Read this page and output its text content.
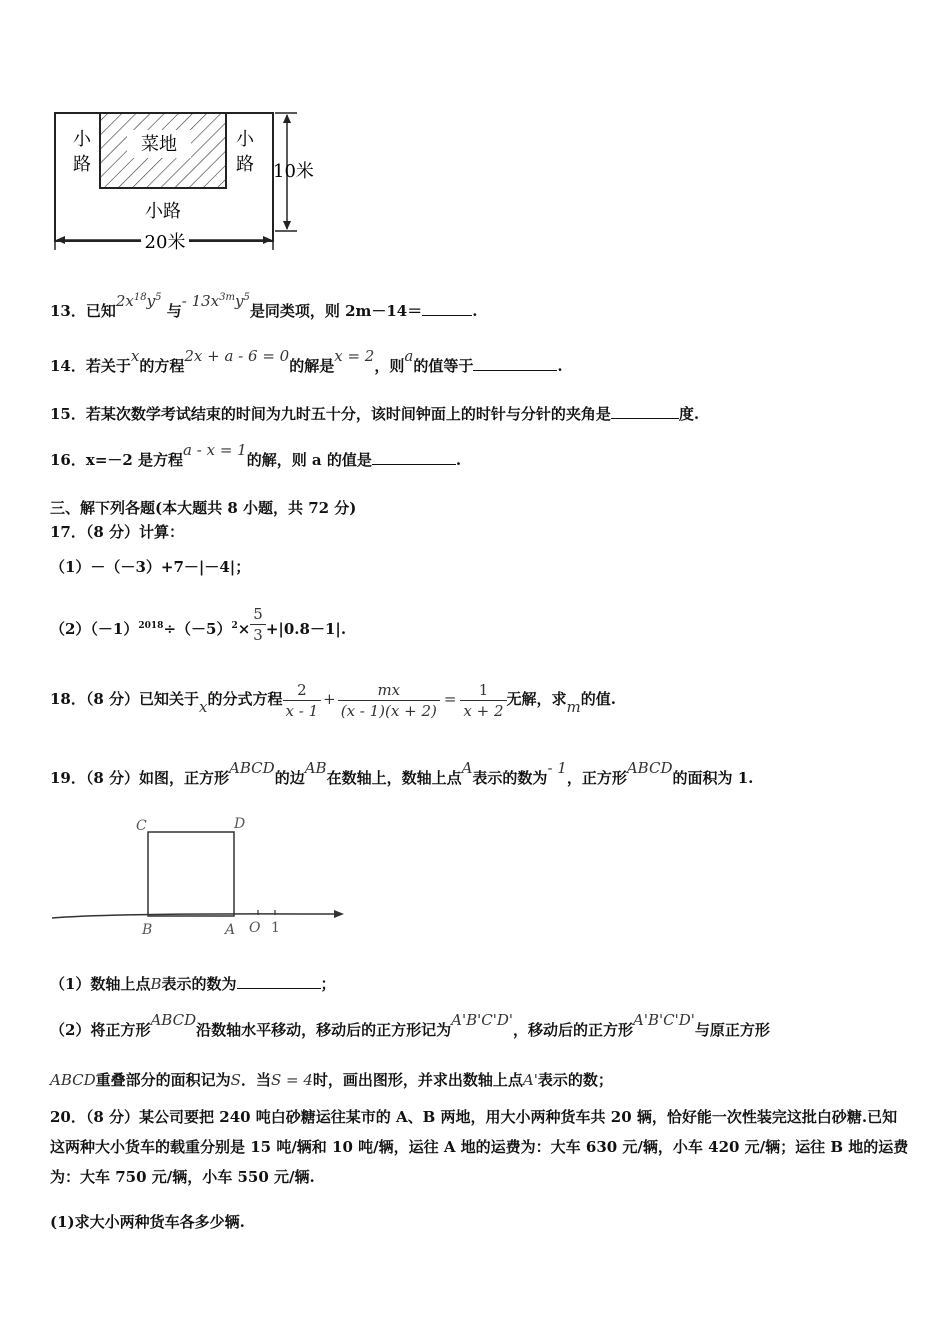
菜地
小
路
小
路
小路
10米
20米
13．已知$2x^{18}y^5$ 与- $13x^{3m}y^5$是同类项，则 2m－14＝	.
14．若关于x的方程2x + a - 6 = 0的解是x = 2，则a的值等于	.
15．若某次数学考试结束的时间为九时五十分，该时间钟面上的时针与分针的夹角是	度.
16．x=－2 是方程a - x = 1的解，则 a 的值是	.
三、解下列各题(本大题共 8 小题，共 72 分)
17．（8 分）计算：
（1）－（－3）+7－|－4|；
$(2)(-1)^{2018}\div(-5)^2\times \frac{5}{3} +|0.8-1|$.
18．（8 分）已知关于x的分式方程 $\frac{2}{x - 1} + \frac{mx}{(x - 1)(x + 2)} = \frac{1}{x + 2}$ 无解，求m的值.
19．（8 分）如图，正方形ABCD的边AB在数轴上，数轴上点A表示的数为- 1，正方形ABCD的面积为 1.
C	D
B	A O 1
（1）数轴上点B表示的数为	；
（2）将正方形ABCD沿数轴水平移动，移动后的正方形记为A'B'C'D'，移动后的正方形A'B'C'D'与原正方形
ABCD重叠部分的面积记为S．当S = 4时，画出图形，并求出数轴上点A'表示的数；
20．（8 分）某公司要把 240 吨白砂糖运往某市的 A、B 两地，用大小两种货车共 20 辆，恰好能一次性装完这批白砂糖.已知这两种大小货车的载重分别是 15 吨/辆和 10 吨/辆，运往 A 地的运费为：大车 630 元/辆，小车 420 元/辆；运往 B 地的运费为：大车 750 元/辆，小车 550 元/辆.
(1)求大小两种货车各多少辆.
